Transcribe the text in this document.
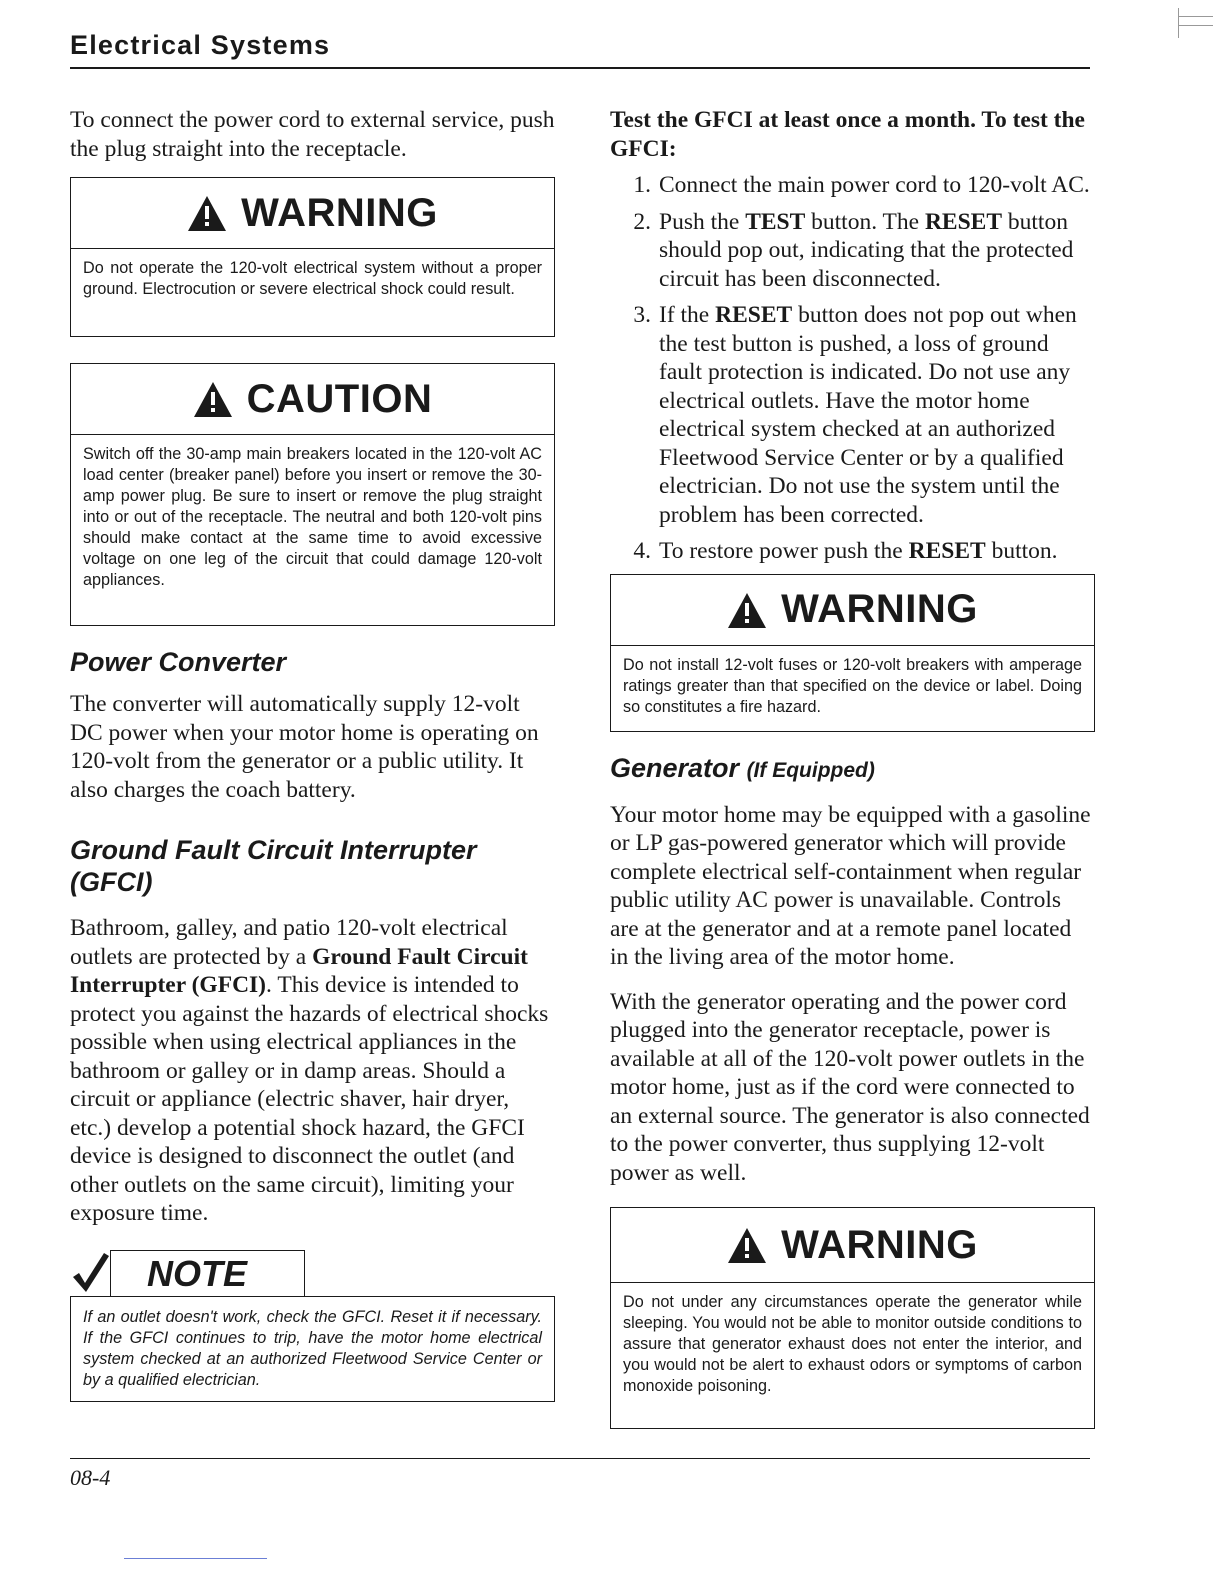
Electrical Systems

To connect the power cord to external service, push the plug straight into the receptacle.

WARNING
Do not operate the 120-volt electrical system without a proper ground. Electrocution or severe electrical shock could result.
CAUTION
Switch off the 30-amp main breakers located in the 120-volt AC load center (breaker panel) before you insert or remove the 30-amp power plug. Be sure to insert or remove the plug straight into or out of the receptacle. The neutral and both 120-volt pins should make contact at the same time to avoid excessive voltage on one leg of the circuit that could damage 120-volt appliances.
Power Converter

The converter will automatically supply 12-volt DC power when your motor home is operating on 120-volt from the generator or a public utility. It also charges the coach battery.

Ground Fault Circuit Interrupter (GFCI)

Bathroom, galley, and patio 120-volt electrical outlets are protected by a Ground Fault Circuit Interrupter (GFCI). This device is intended to protect you against the hazards of electrical shocks possible when using electrical appliances in the bathroom or galley or in damp areas. Should a circuit or appliance (electric shaver, hair dryer, etc.) develop a potential shock hazard, the GFCI device is designed to disconnect the outlet (and other outlets on the same circuit), limiting your exposure time.

NOTE
If an outlet doesn't work, check the GFCI. Reset it if necessary. If the GFCI continues to trip, have the motor home electrical system checked at an authorized Fleetwood Service Center or by a qualified electrician.

Test the GFCI at least once a month. To test the GFCI:

1. Connect the main power cord to 120-volt AC.
2. Push the TEST button. The RESET button should pop out, indicating that the protected circuit has been disconnected.
3. If the RESET button does not pop out when the test button is pushed, a loss of ground fault protection is indicated. Do not use any electrical outlets. Have the motor home electrical system checked at an authorized Fleetwood Service Center or by a qualified electrician. Do not use the system until the problem has been corrected.
4. To restore power push the RESET button.
WARNING
Do not install 12-volt fuses or 120-volt breakers with amperage ratings greater than that specified on the device or label. Doing so constitutes a fire hazard.
Generator (If Equipped)

Your motor home may be equipped with a gasoline or LP gas-powered generator which will provide complete electrical self-containment when regular public utility AC power is unavailable. Controls are at the generator and at a remote panel located in the living area of the motor home.

With the generator operating and the power cord plugged into the generator receptacle, power is available at all of the 120-volt power outlets in the motor home, just as if the cord were connected to an external source. The generator is also connected to the power converter, thus supplying 12-volt power as well.

WARNING
Do not under any circumstances operate the generator while sleeping. You would not be able to monitor outside conditions to assure that generator exhaust does not enter the interior, and you would not be alert to exhaust odors or symptoms of carbon monoxide poisoning.
08-4
